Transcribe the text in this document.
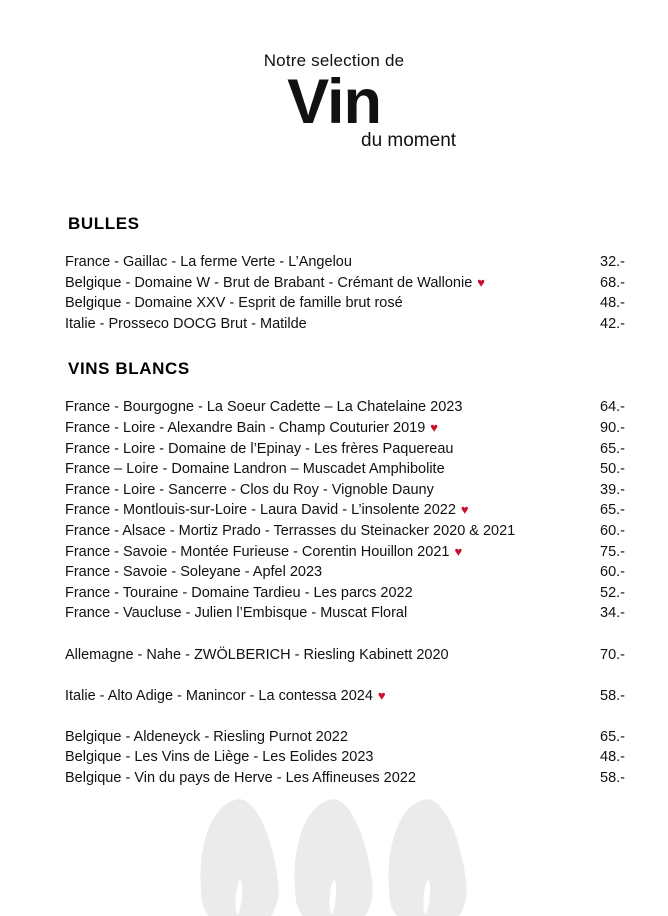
Notre selection de
Vin
du moment
BULLES
France - Gaillac - La ferme Verte - L’Angelou	32.-
Belgique - Domaine W - Brut de Brabant - Crémant de Wallonie ♥	68.-
Belgique - Domaine XXV - Esprit de famille brut rosé	48.-
Italie - Prosseco DOCG Brut - Matilde	42.-
VINS BLANCS
France - Bourgogne - La Soeur Cadette – La Chatelaine 2023	64.-
France - Loire - Alexandre Bain - Champ Couturier 2019 ♥	90.-
France - Loire - Domaine de l’Epinay - Les frères Paquereau	65.-
France – Loire - Domaine Landron – Muscadet Amphibolite	50.-
France - Loire - Sancerre - Clos du Roy - Vignoble Dauny	39.-
France - Montlouis-sur-Loire - Laura David - L’insolente 2022 ♥	65.-
France - Alsace - Mortiz Prado - Terrasses du Steinacker 2020 & 2021	60.-
France - Savoie - Montée Furieuse - Corentin Houillon 2021 ♥	75.-
France - Savoie - Soleyane - Apfel 2023	60.-
France - Touraine - Domaine Tardieu - Les parcs 2022	52.-
France - Vaucluse - Julien l’Embisque - Muscat Floral	34.-
Allemagne - Nahe - ZWÖLBERICH - Riesling Kabinett 2020	70.-
Italie - Alto Adige - Manincor - La contessa 2024 ♥	58.-
Belgique - Aldeneyck - Riesling Purnot 2022	65.-
Belgique - Les Vins de Liège - Les Eolides 2023	48.-
Belgique - Vin du pays de Herve - Les Affineuses 2022	58.-
